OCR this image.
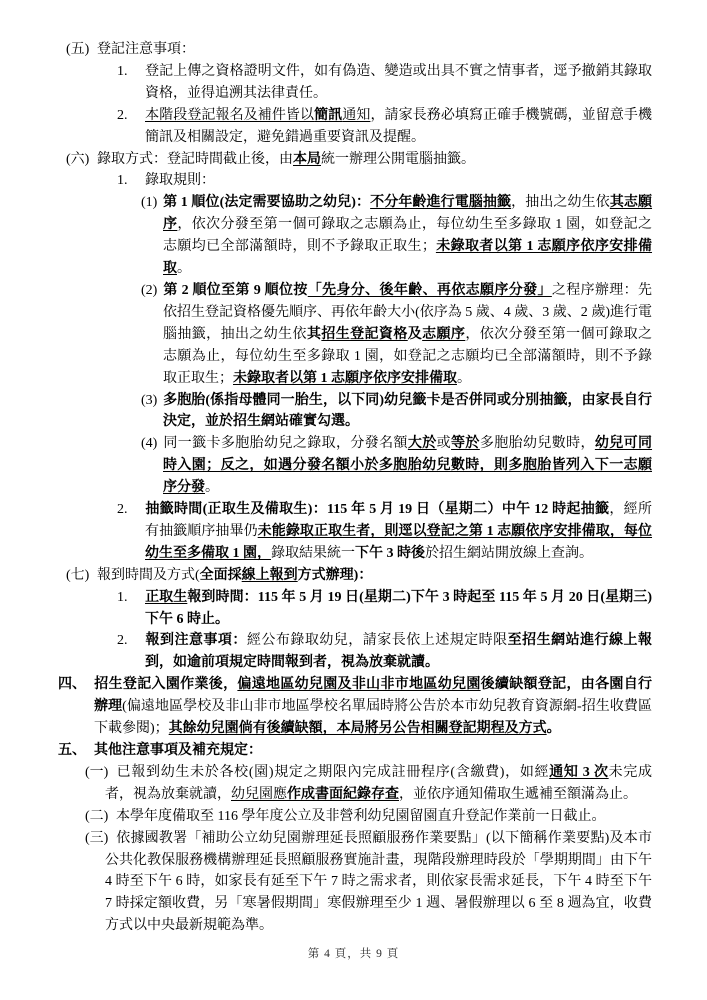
(五) 登記注意事項：
1. 登記上傳之資格證明文件，如有偽造、變造或出具不實之情事者，逕予撤銷其錄取資格，並得追溯其法律責任。
2. 本階段登記報名及補件皆以簡訊通知，請家長務必填寫正確手機號碼，並留意手機簡訊及相關設定，避免錯過重要資訊及提醒。
(六) 錄取方式：登記時間截止後，由本局統一辦理公開電腦抽籤。
1. 錄取規則：
(1) 第 1 順位(法定需要協助之幼兒)：不分年齡進行電腦抽籤，抽出之幼生依其志願序，依次分發至第一個可錄取之志願為止，每位幼生至多錄取 1 園，如登記之志願均已全部滿額時，則不予錄取正取生；未錄取者以第 1 志願序依序安排備取。
(2) 第 2 順位至第 9 順位按「先身分、後年齡、再依志願序分發」之程序辦理：先依招生登記資格優先順序、再依年齡大小(依序為 5 歲、4 歲、3 歲、2 歲)進行電腦抽籤，抽出之幼生依其招生登記資格及志願序，依次分發至第一個可錄取之志願為止，每位幼生至多錄取 1 園，如登記之志願均已全部滿額時，則不予錄取正取生；未錄取者以第 1 志願序依序安排備取。
(3) 多胞胎(係指母體同一胎生，以下同)幼兒籤卡是否併同或分別抽籤，由家長自行決定，並於招生網站確實勾選。
(4) 同一籤卡多胞胎幼兒之錄取，分發名額大於或等於多胞胎幼兒數時，幼兒可同時入園；反之，如遇分發名額小於多胞胎幼兒數時，則多胞胎皆列入下一志願序分發。
2. 抽籤時間(正取生及備取生)：115 年 5 月 19 日（星期二）中午 12 時起抽籤，經所有抽籤順序抽畢仍未能錄取正取生者，則逕以登記之第 1 志願依序安排備取，每位幼生至多備取 1 園，錄取結果統一下午 3 時後於招生網站開放線上查詢。
(七) 報到時間及方式(全面採線上報到方式辦理)：
1. 正取生報到時間：115 年 5 月 19 日(星期二)下午 3 時起至 115 年 5 月 20 日(星期三)下午 6 時止。
2. 報到注意事項：經公布錄取幼兒，請家長依上述規定時限至招生網站進行線上報到，如逾前項規定時間報到者，視為放棄就讀。
四、 招生登記入園作業後，偏遠地區幼兒園及非山非市地區幼兒園後續缺額登記，由各園自行辦理(偏遠地區學校及非山非市地區學校名單屆時將公告於本市幼兒教育資源網-招生收費區下載參閱)；其餘幼兒園倘有後續缺額，本局將另公告相關登記期程及方式。
五、 其他注意事項及補充規定：
(一) 已報到幼生未於各校(園)規定之期限內完成註冊程序(含繳費)，如經通知 3 次未完成者，視為放棄就讀，幼兒園應作成書面紀錄存查，並依序通知備取生遞補至額滿為止。
(二) 本學年度備取至 116 學年度公立及非營利幼兒園留園直升登記作業前一日截止。
(三) 依據國教署「補助公立幼兒園辦理延長照顧服務作業要點」(以下簡稱作業要點)及本市公共化教保服務機構辦理延長照顧服務實施計畫，現階段辦理時段於「學期期間」由下午 4 時至下午 6 時，如家長有延至下午 7 時之需求者，則依家長需求延長，下午 4 時至下午 7 時採定額收費，另「寒暑假期間」寒假辦理至少 1 週、暑假辦理以 6 至 8 週為宜，收費方式以中央最新規範為準。
第 4 頁，共 9 頁
